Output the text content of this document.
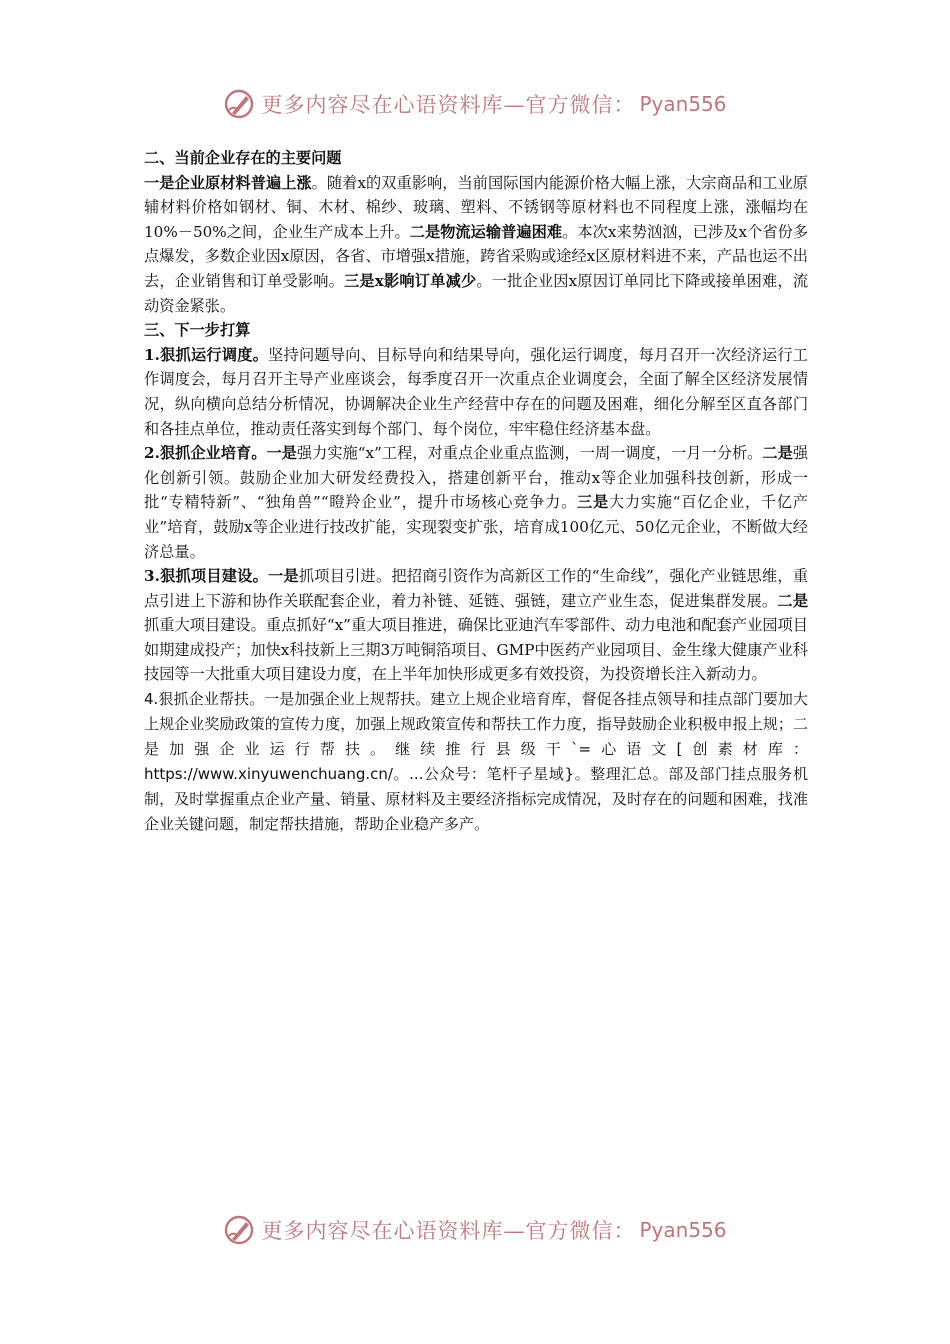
更多内容尽在心语资料库—官方微信： Pyan556

二、当前企业存在的主要问题

一是企业原材料普遍上涨。随着x的双重影响，当前国际国内能源价格大幅上涨，大宗商品和工业原辅材料价格如钢材、铜、木材、棉纱、玻璃、塑料、不锈钢等原材料也不同程度上涨，涨幅均在10%－50%之间，企业生产成本上升。二是物流运输普遍困难。本次x来势汹汹，已涉及x个省份多点爆发，多数企业因x原因，各省、市增强x措施，跨省采购或途经x区原材料进不来，产品也运不出去，企业销售和订单受影响。三是x影响订单减少。一批企业因x原因订单同比下降或接单困难，流动资金紧张。

三、下一步打算

1.狠抓运行调度。坚持问题导向、目标导向和结果导向，强化运行调度，每月召开一次经济运行工作调度会，每月召开主导产业座谈会，每季度召开一次重点企业调度会，全面了解全区经济发展情况，纵向横向总结分析情况，协调解决企业生产经营中存在的问题及困难，细化分解至区直各部门和各挂点单位，推动责任落实到每个部门、每个岗位，牢牢稳住经济基本盘。

2.狠抓企业培育。一是强力实施“x”工程，对重点企业重点监测，一周一调度，一月一分析。二是强化创新引领。鼓励企业加大研发经费投入，搭建创新平台，推动x等企业加强科技创新，形成一批“专精特新”、“独角兽”“瞪羚企业”，提升市场核心竞争力。三是大力实施“百亿企业，千亿产业”培育，鼓励x等企业进行技改扩能，实现裂变扩张，培育成100亿元、50亿元企业，不断做大经济总量。

3.狠抓项目建设。一是抓项目引进。把招商引资作为高新区工作的“生命线”，强化产业链思维，重点引进上下游和协作关联配套企业，着力补链、延链、强链，建立产业生态，促进集群发展。二是抓重大项目建设。重点抓好“x”重大项目推进，确保比亚迪汽车零部件、动力电池和配套产业园项目如期建成投产；加快x科技新上三期3万吨铜箔项目、GMP中医药产业园项目、金生缘大健康产业科技园等一大批重大项目建设力度，在上半年加快形成更多有效投资，为投资增长注入新动力。

4.狠抓企业帮扶。一是加强企业上规帮扶。建立上规企业培育库，督促各挂点领导和挂点部门要加大上规企业奖励政策的宣传力度，加强上规政策宣传和帮扶工作力度，指导鼓励企业积极申报上规；二是加强企业运行帮扶。继续推行县级干`=心语文[创素材库：https://www.xinyuwenchuang.cn/。...公众号：笔杆子星域}。整理汇总。部及部门挂点服务机制，及时掌握重点企业产量、销量、原材料及主要经济指标完成情况，及时存在的问题和困难，找准企业关键问题，制定帮扶措施，帮助企业稳产多产。

更多内容尽在心语资料库—官方微信： Pyan556
